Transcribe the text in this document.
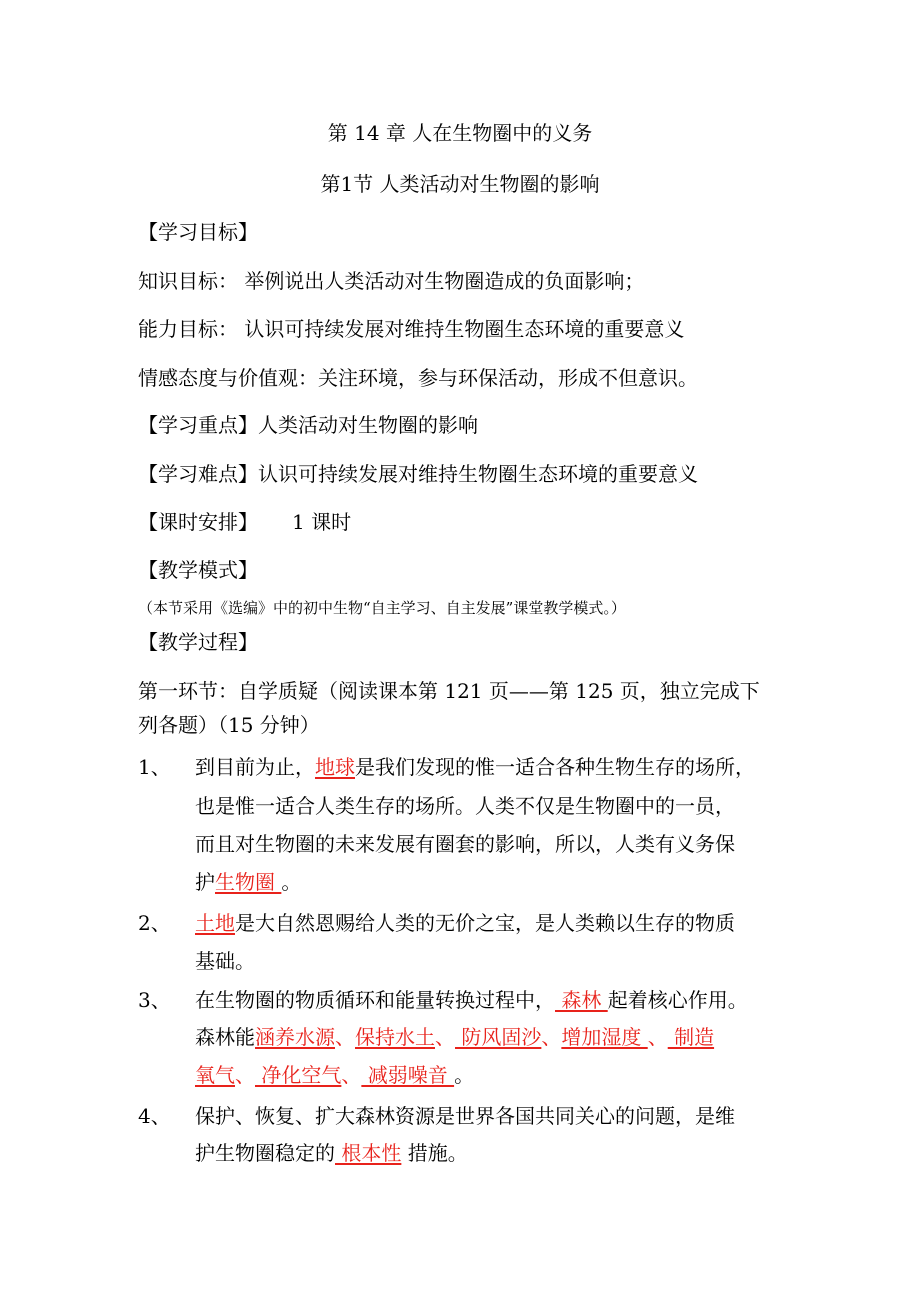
第 14 章 人在生物圈中的义务
第1节 人类活动对生物圈的影响
【学习目标】
知识目标： 举例说出人类活动对生物圈造成的负面影响；
能力目标： 认识可持续发展对维持生物圈生态环境的重要意义
情感态度与价值观：关注环境，参与环保活动，形成不但意识。
【学习重点】人类活动对生物圈的影响
【学习难点】认识可持续发展对维持生物圈生态环境的重要意义
【课时安排】 1 课时
【教学模式】
（本节采用《选编》中的初中生物“自主学习、自主发展”课堂教学模式。）
【教学过程】
第一环节：自学质疑（阅读课本第 121 页——第 125 页，独立完成下
列各题）（15 分钟）
1、 到目前为止，地球是我们发现的惟一适合各种生物生存的场所，
也是惟一适合人类生存的场所。人类不仅是生物圈中的一员，
而且对生物圈的未来发展有圈套的影响，所以，人类有义务保
护生物圈 。
2、 土地是大自然恩赐给人类的无价之宝，是人类赖以生存的物质
基础。
3、 在生物圈的物质循环和能量转换过程中， 森林 起着核心作用。
森林能涵养水源、保持水土、 防风固沙、增加湿度 、 制造
氧气、 净化空气、 减弱噪音 。
4、 保护、恢复、扩大森林资源是世界各国共同关心的问题，是维
护生物圈稳定的 根本性 措施。
